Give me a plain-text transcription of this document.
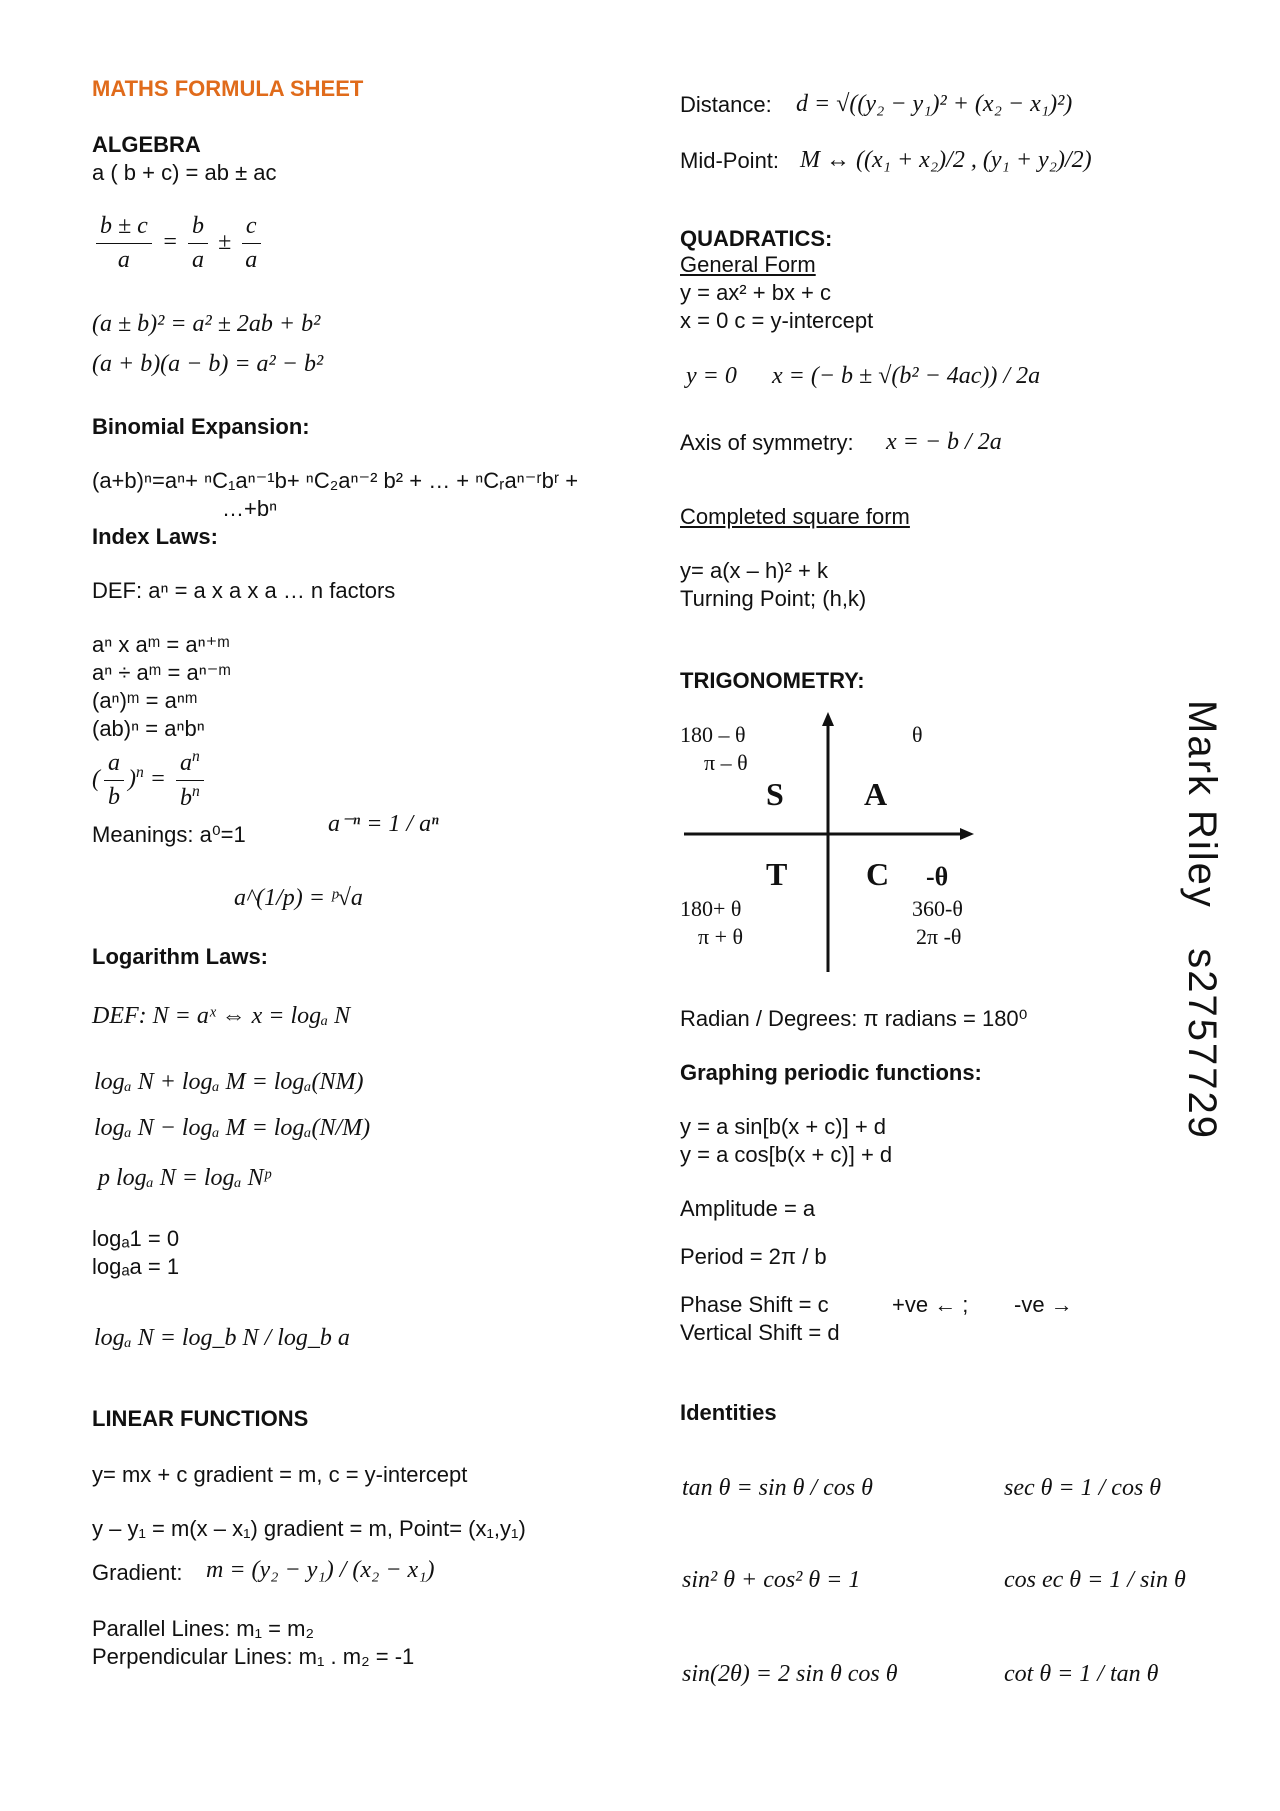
MATHS FORMULA SHEET
ALGEBRA
a ( b + c) = ab ± ac
$\frac{b \pm c}{a} = \frac{b}{a} \pm \frac{c}{a}$
(a ± b)² = a² ± 2ab + b²
(a + b)(a − b) = a² − b²
Binomial Expansion:
(a+b)ⁿ=aⁿ+ ⁿC₁aⁿ⁻¹b+ ⁿC₂aⁿ⁻² b² + … + ⁿCᵣaⁿ⁻ʳbʳ +
…+bⁿ
Index Laws:
DEF: aⁿ = a x a x a … n factors
aⁿ x aᵐ = aⁿ⁺ᵐ
aⁿ ÷ aᵐ = aⁿ⁻ᵐ
(aⁿ)ᵐ = aⁿᵐ
(ab)ⁿ = aⁿbⁿ
( $\frac{a}{b} )^n = \frac{a^n}{b^n}$
Meanings: a⁰=1	a⁻ⁿ = 1 / aⁿ
a^(1/p) = ᵖ√a
Logarithm Laws:
DEF: N = aˣ ⇔ x = logₐ N
logₐ N + logₐ M = logₐ(NM)
logₐ N − logₐ M = logₐ(N/M)
p logₐ N = logₐ Nᵖ
logₐ1 = 0
logₐa = 1
logₐ N = log_b N / log_b a
LINEAR FUNCTIONS
y= mx + c gradient = m, c = y-intercept
y – y₁ = m(x – x₁) gradient = m, Point= (x₁,y₁)
Gradient: m = (y₂ − y₁) / (x₂ − x₁)
Parallel Lines: m₁ = m₂
Perpendicular Lines: m₁ . m₂ = -1
Distance: d = √((y₂ − y₁)² + (x₂ − x₁)²)
Mid-Point: M ↔ ((x₁ + x₂)/2 , (y₁ + y₂)/2)
QUADRATICS:
General Form
y = ax² + bx + c
x = 0 c = y-intercept
y = 0 x = (− b ± √(b² − 4ac)) / 2a
Axis of symmetry: x = − b / 2a
Completed square form
y= a(x – h)² + k
Turning Point; (h,k)
TRIGONOMETRY:
180 – θ
π – θ
θ
S	A
T C -θ
180+ θ
π + θ
360-θ
2π -θ
Radian / Degrees: π radians = 180⁰
Graphing periodic functions:
y = a sin[b(x + c)] + d
y = a cos[b(x + c)] + d
Amplitude = a
Period = 2π / b
Phase Shift = c	+ve ← ; -ve →
Vertical Shift = d
Identities
tan θ = sin θ / cos θ	sec θ = 1 / cos θ
sin² θ + cos² θ = 1	cos ec θ = 1 / sin θ
sin(2θ) = 2 sin θ cos θ	cot θ = 1 / tan θ
Mark Riley   s2757729
